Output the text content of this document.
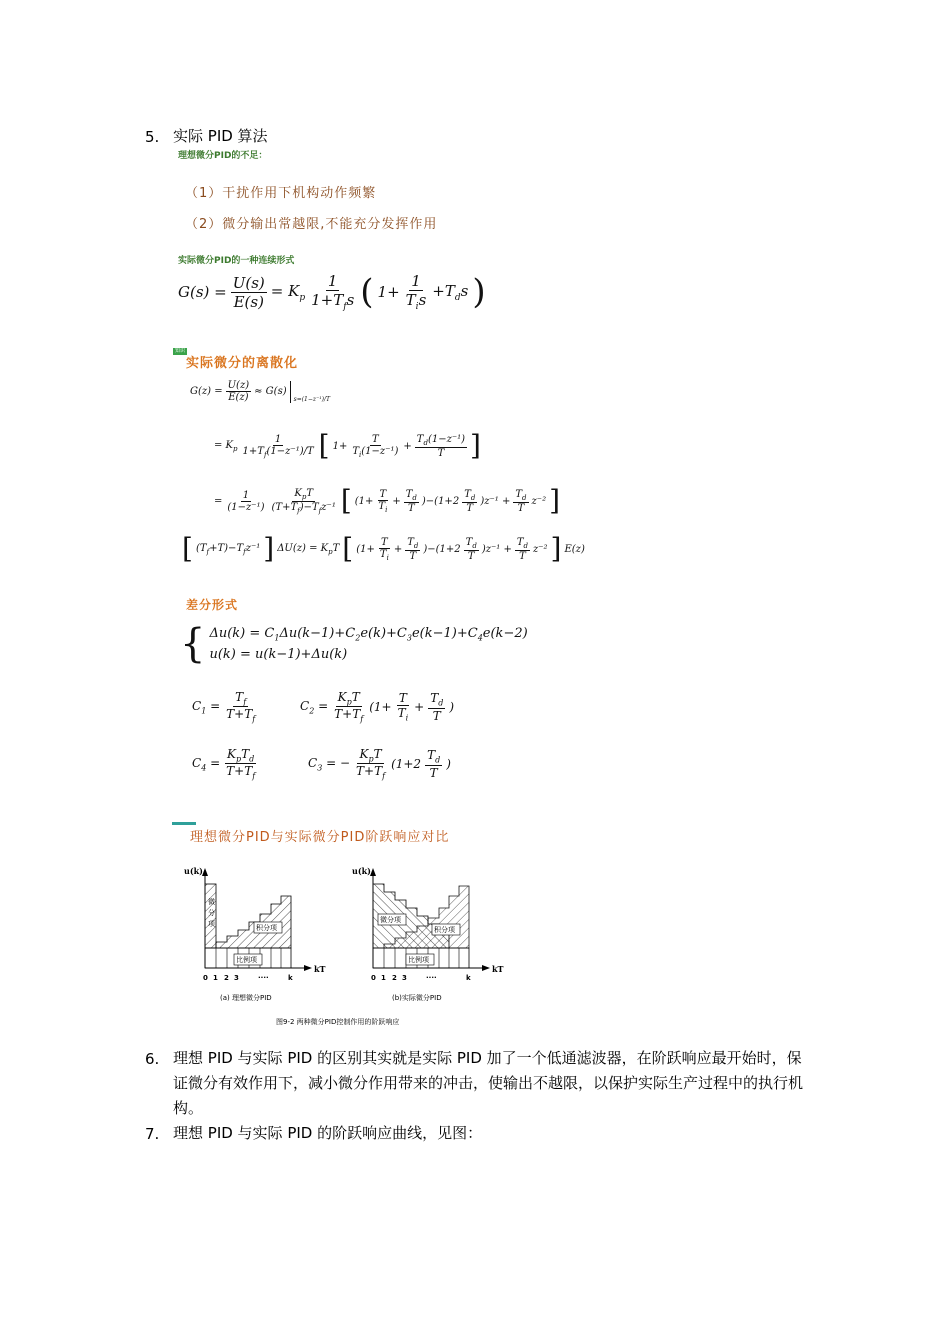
5. 实际 PID 算法
理想微分PID的不足：
（1）干扰作用下机构动作频繁
（2）微分输出常越限,不能充分发挥作用
实际微分PID的一种连续形式
$G(s) = \frac{U(s)}{E(s)} = K_p \frac{1}{1+T_fs}$ ( $1+ \frac{1}{T_is} +T_ds$ )
知识
实际微分的离散化
$G(z) = \frac{U(z)}{E(z)} \approx G(s)$
s=(1−z⁻¹)/T
= $K_p \frac{1}{1+T_f(1-z^{-1})/T}$ [ $1+ \frac{T}{T_i(1-z^{-1})} + \frac{T_d(1-z^{-1})}{T}$ ]
= $\frac{1}{\text{(1−z⁻¹)}} \frac{K_pT}{(T+T_f)-T_fz^{-1}}$ [ $(1+ \frac{T}{T_i} + \frac{T_d}{T} )-(1+2 \frac{T_d}{T} )z^{-1} + \frac{T_d}{T} z^{-2}$ ]
[ $(T_f+T)-T_fz^{-1}$ ] $\Delta U(z) = K_pT$ [ $(1+ \frac{T}{T_i} + \frac{T_d}{T} )-(1+2 \frac{T_d}{T} )z^{-1} + \frac{T_d}{T} z^{-2}$ ] E(z)
差分形式
{ $\Delta u(k) = C_1\Delta u(k-1)+C_2e(k)+C_3e(k-1)+C_4e(k-2)$
u(k) = u(k−1)+Δu(k)
$C_1 = \frac{T_f}{T+T_f}$	$C_2 = \frac{K_pT}{T+T_f} (1+ \frac{T}{T_i} + \frac{T_d}{T}$ )
$C_4 = \frac{K_pT_d}{T+T_f}$	$C_3$ = − $\frac{K_pT}{T+T_f} (1+2 \frac{T_d}{T}$ )
理想微分PID与实际微分PID阶跃响应对比
u(k)
kT
微
分
项	积分项
比例项
0 1 2 3	····	k
(a) 理想微分PID
u(k)
kT
微分项
积分项
比例项
0 1 2 3	····	k
(b)实际微分PID
图9-2 两种微分PID控制作用的阶跃响应
6. 理想 PID 与实际 PID 的区别其实就是实际 PID 加了一个低通滤波器，在阶跃响应最开始时，保证微分有效作用下，减小微分作用带来的冲击，使输出不越限，以保护实际生产过程中的执行机构。
7. 理想 PID 与实际 PID 的阶跃响应曲线，见图：
